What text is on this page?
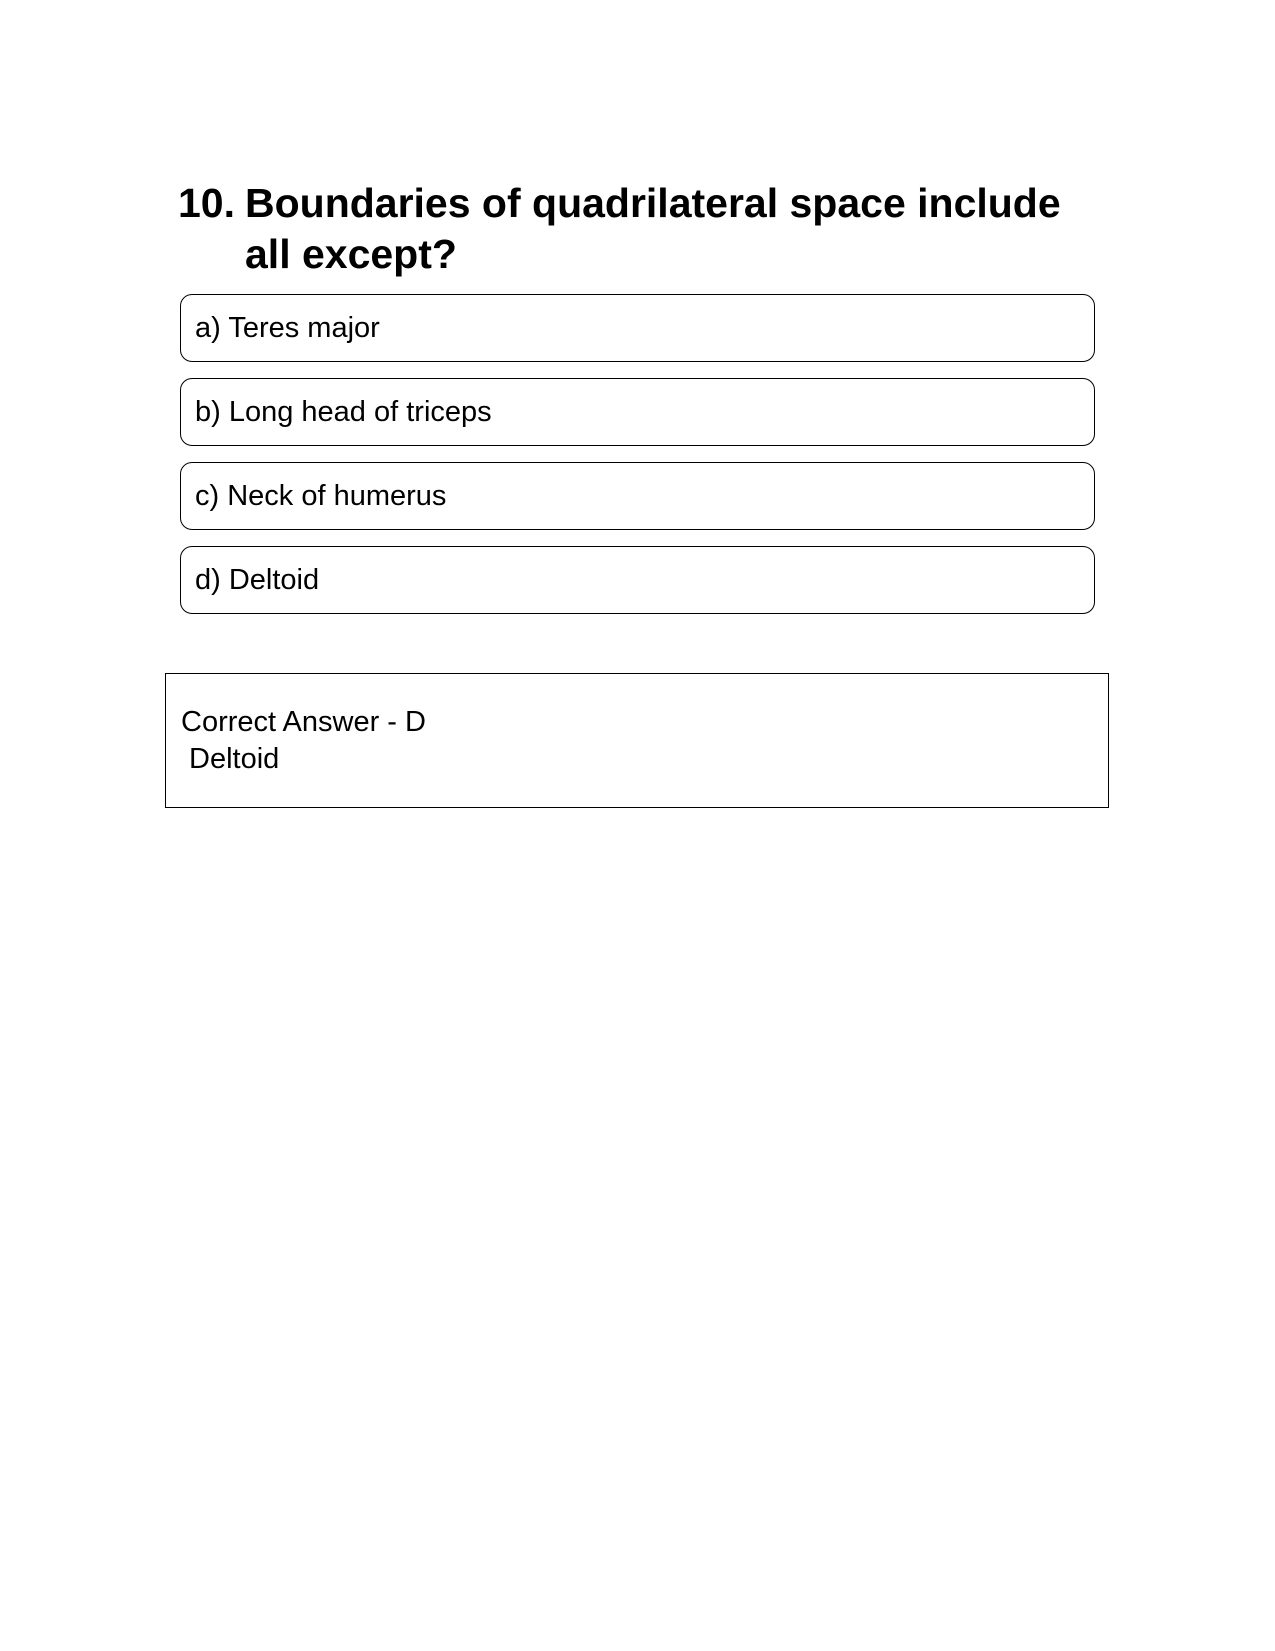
10. Boundaries of quadrilateral space include all except?
a) Teres major
b) Long head of triceps
c) Neck of humerus
d) Deltoid
Correct Answer - D
Deltoid
